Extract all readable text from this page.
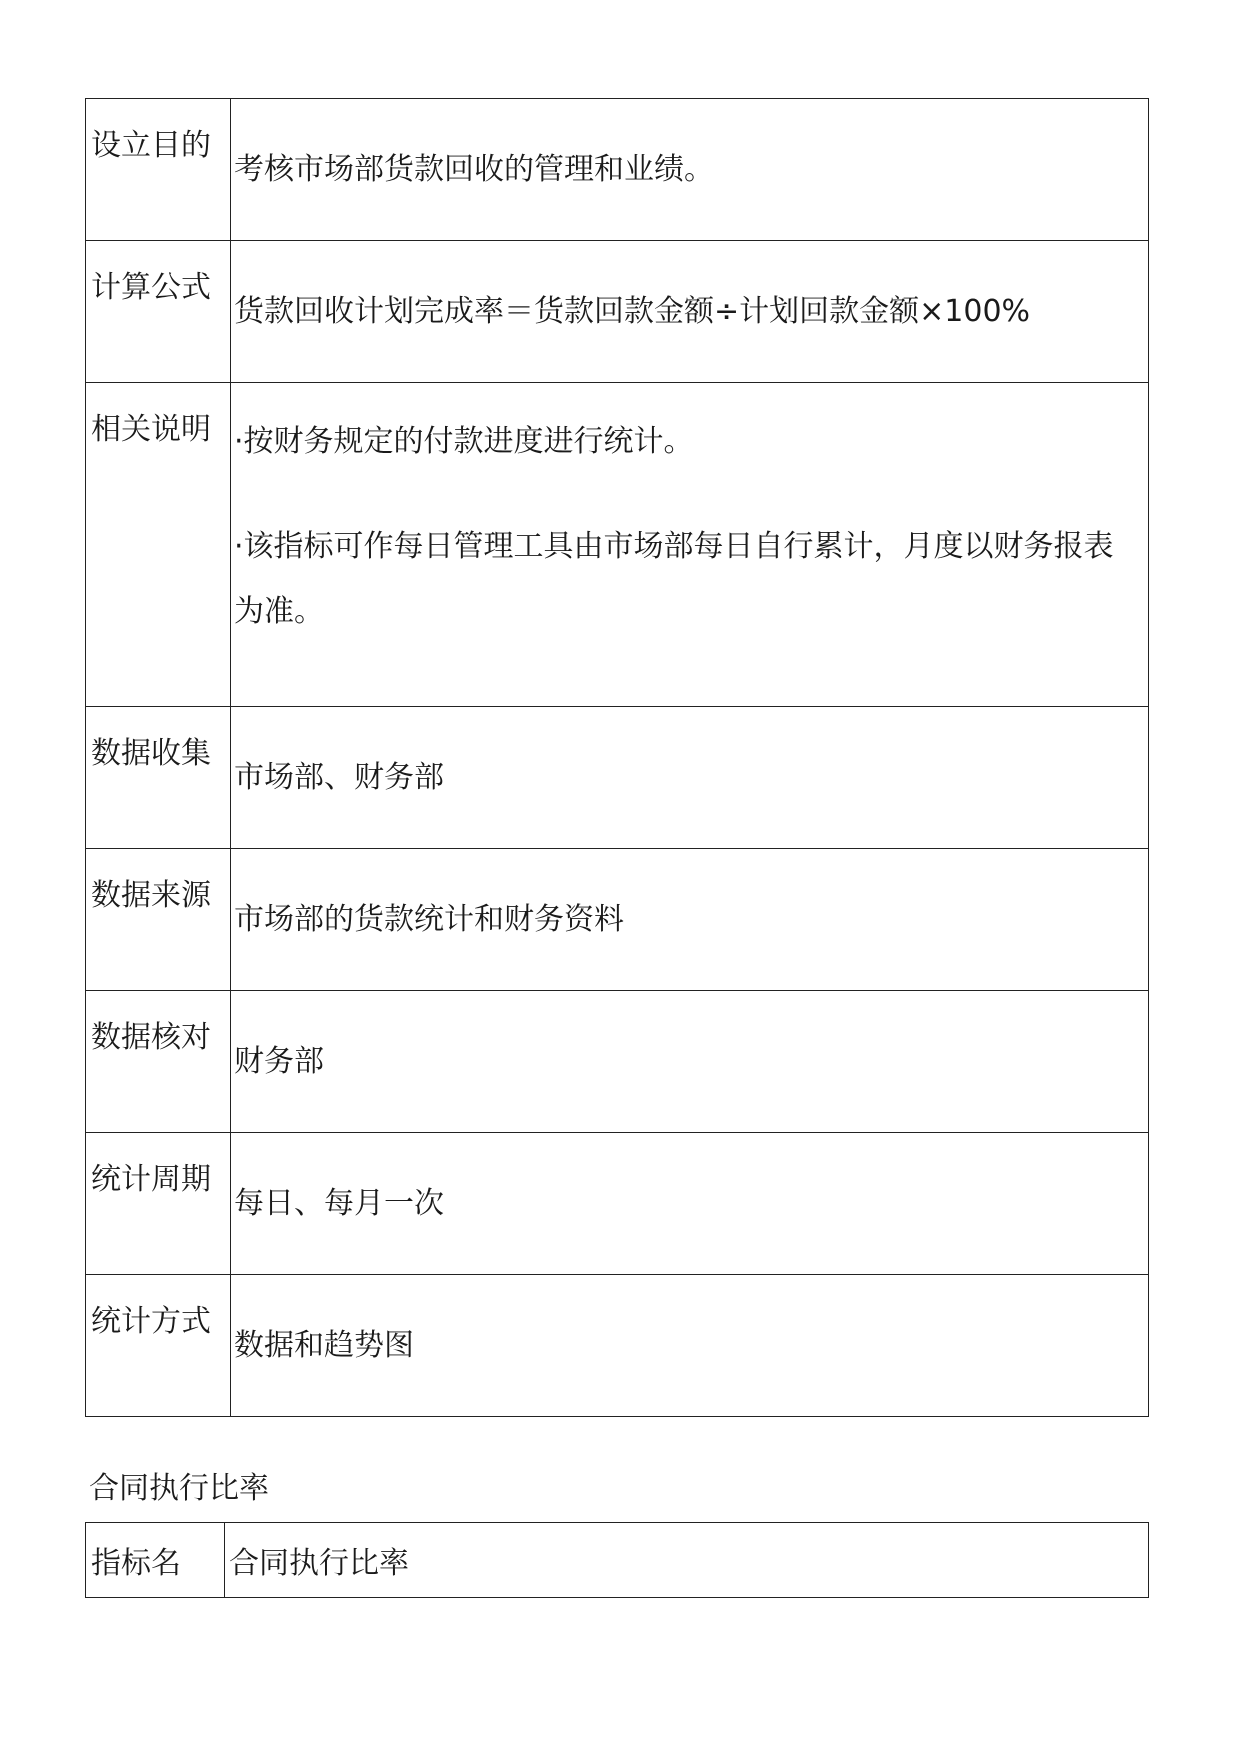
设立目的	考核市场部货款回收的管理和业绩。
计算公式	货款回收计划完成率＝货款回款金额÷计划回款金额×100%
相关说明	·按财务规定的付款进度进行统计。
·该指标可作每日管理工具由市场部每日自行累计，月度以财务报表为准。

数据收集	市场部、财务部
数据来源	市场部的货款统计和财务资料
数据核对	财务部
统计周期	每日、每月一次
统计方式	数据和趋势图
合同执行比率
指标名	合同执行比率
